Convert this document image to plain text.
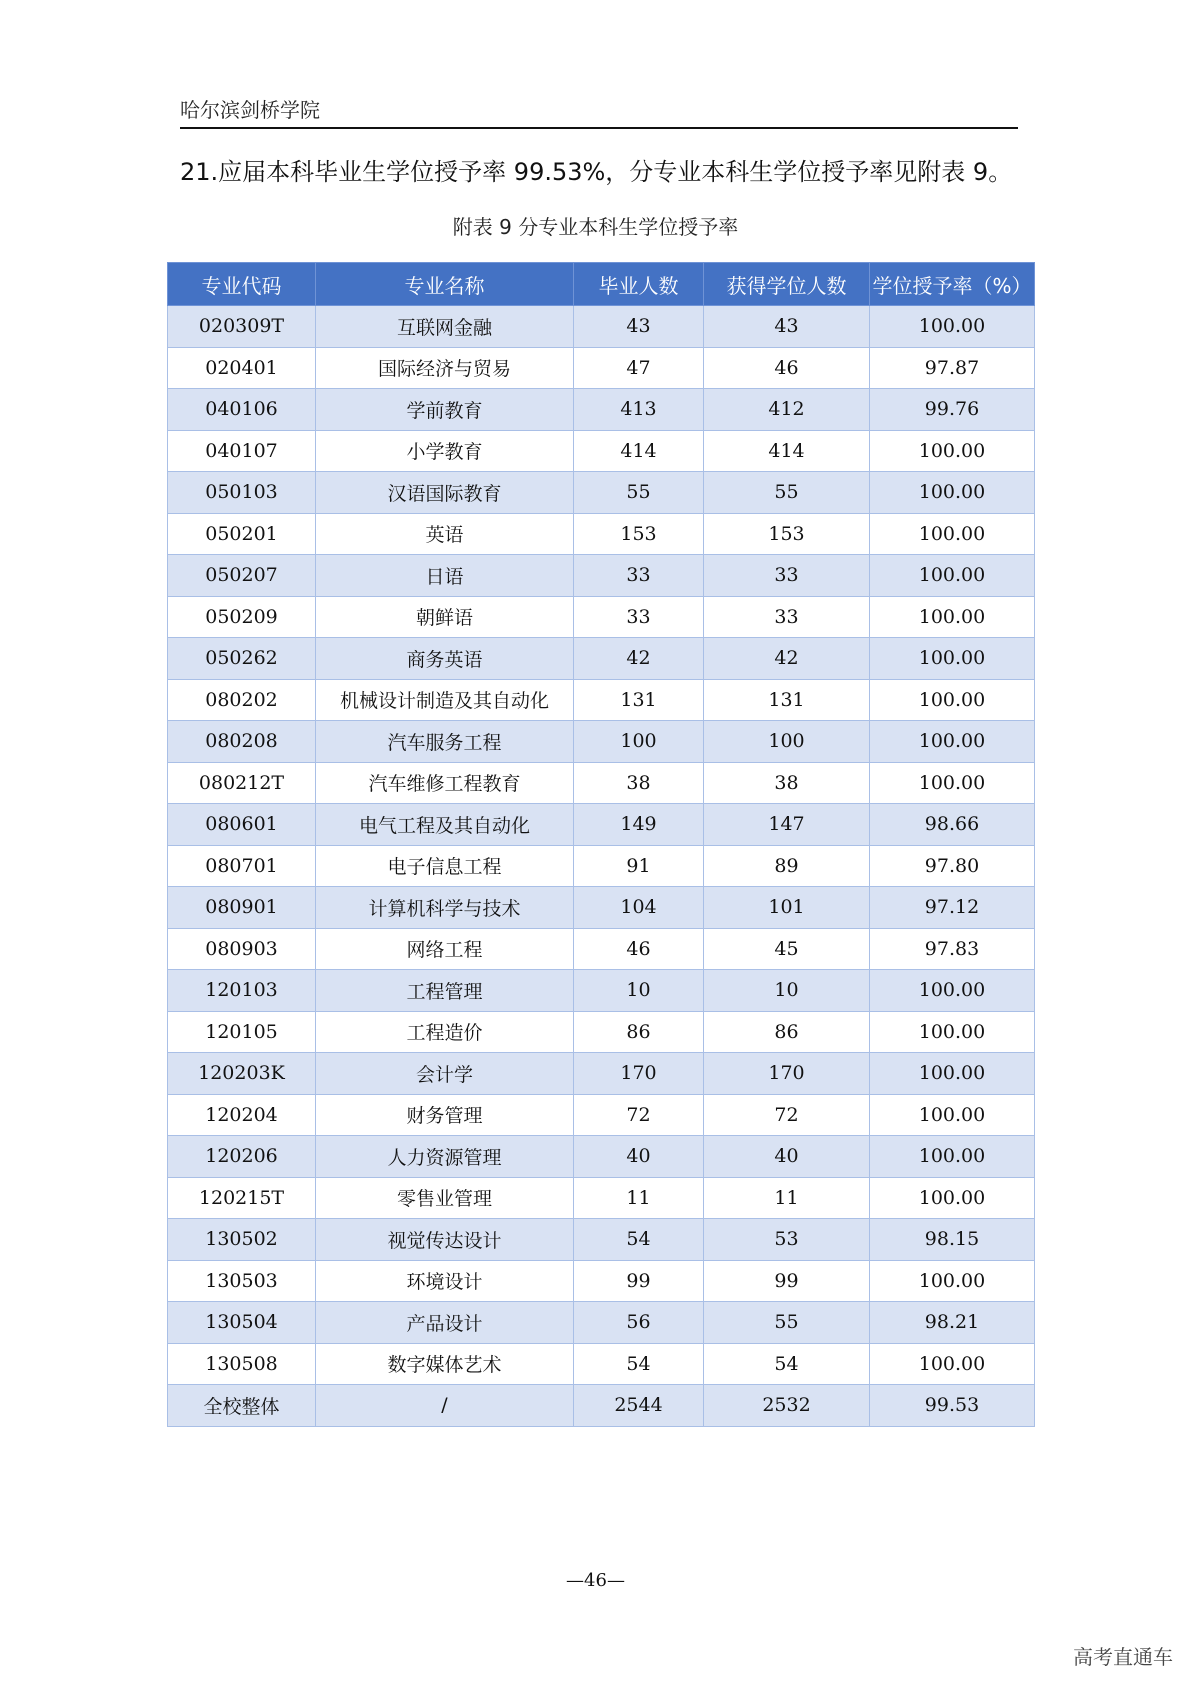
哈尔滨剑桥学院
21.应届本科毕业生学位授予率 99.53%，分专业本科生学位授予率见附表 9。
附表 9 分专业本科生学位授予率
专业代码	专业名称	毕业人数	获得学位人数	学位授予率（%）
020309T	互联网金融	43	43	100.00
020401	国际经济与贸易	47	46	97.87
040106	学前教育	413	412	99.76
040107	小学教育	414	414	100.00
050103	汉语国际教育	55	55	100.00
050201	英语	153	153	100.00
050207	日语	33	33	100.00
050209	朝鲜语	33	33	100.00
050262	商务英语	42	42	100.00
080202	机械设计制造及其自动化	131	131	100.00
080208	汽车服务工程	100	100	100.00
080212T	汽车维修工程教育	38	38	100.00
080601	电气工程及其自动化	149	147	98.66
080701	电子信息工程	91	89	97.80
080901	计算机科学与技术	104	101	97.12
080903	网络工程	46	45	97.83
120103	工程管理	10	10	100.00
120105	工程造价	86	86	100.00
120203K	会计学	170	170	100.00
120204	财务管理	72	72	100.00
120206	人力资源管理	40	40	100.00
120215T	零售业管理	11	11	100.00
130502	视觉传达设计	54	53	98.15
130503	环境设计	99	99	100.00
130504	产品设计	56	55	98.21
130508	数字媒体艺术	54	54	100.00
全校整体	/	2544	2532	99.53
—46—
高考直通车
